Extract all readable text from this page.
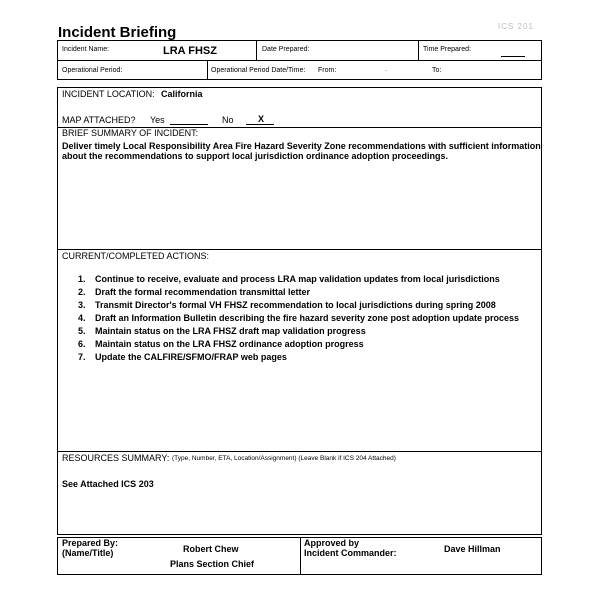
Incident Briefing	ICS 201
Incident Name:	LRA FHSZ	Date Prepared:	Time Prepared:
Operational Period:	Operational Period Date/Time: From:	.	To:
INCIDENT LOCATION: California
MAP ATTACHED? Yes	No	X
BRIEF SUMMARY OF INCIDENT:
Deliver timely Local Responsibility Area Fire Hazard Severity Zone recommendations with sufficient information
about the recommendations to support local jurisdiction ordinance adoption proceedings.
CURRENT/COMPLETED ACTIONS:
1. Continue to receive, evaluate and process LRA map validation updates from local jurisdictions
2. Draft the formal recommendation transmittal letter
3. Transmit Director's formal VH FHSZ recommendation to local jurisdictions during spring 2008
4. Draft an Information Bulletin describing the fire hazard severity zone post adoption update process
5. Maintain status on the LRA FHSZ draft map validation progress
6. Maintain status on the LRA FHSZ ordinance adoption progress
7. Update the CALFIRE/SFMO/FRAP web pages
RESOURCES SUMMARY: (Type, Number, ETA, Location/Assignment) (Leave Blank if ICS 204 Attached)
See Attached ICS 203
Prepared By:
(Name/Title)	Robert Chew
Plans Section Chief
Approved by
Incident Commander:	Dave Hillman
